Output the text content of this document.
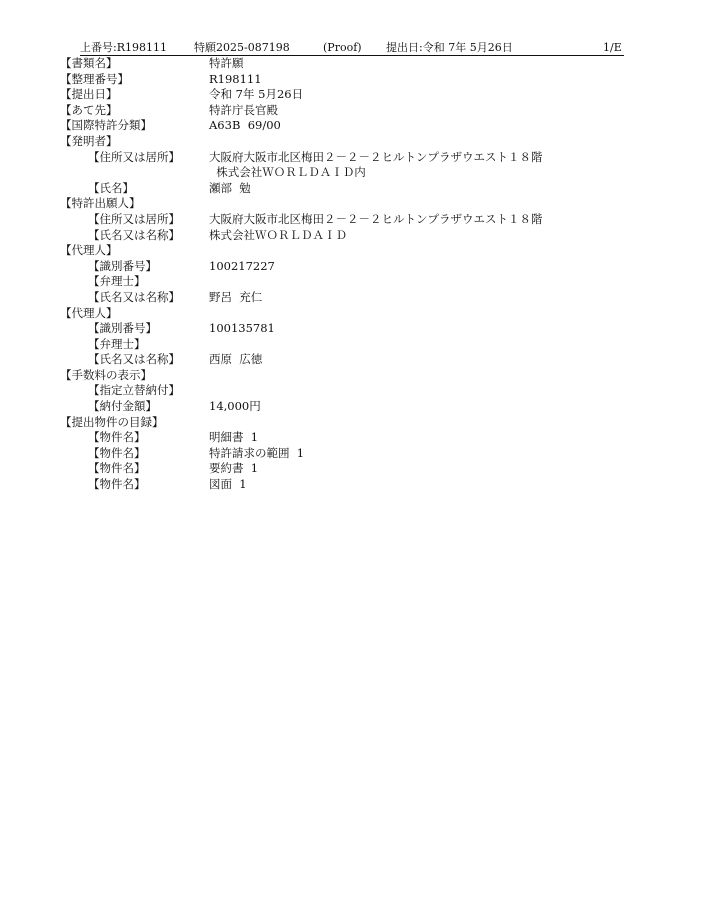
上番号:R198111 特願2025-087198	(Proof) 提出日:令和 7年 5月26日	1/E
【書類名】	特許願
【整理番号】	R198111
【提出日】	令和 7年 5月26日
【あて先】	特許庁長官殿
【国際特許分類】	A63B  69/00
【発明者】
【住所又は居所】	大阪府大阪市北区梅田２－２－２ヒルトンプラザウエスト１８階
株式会社ＷＯＲＬＤＡＩＤ内
【氏名】	瀬部  勉
【特許出願人】
【住所又は居所】	大阪府大阪市北区梅田２－２－２ヒルトンプラザウエスト１８階
【氏名又は名称】	株式会社ＷＯＲＬＤＡＩＤ
【代理人】
【識別番号】	100217227
【弁理士】
【氏名又は名称】	野呂  充仁
【代理人】
【識別番号】	100135781
【弁理士】
【氏名又は名称】	西原  広徳
【手数料の表示】
【指定立替納付】
【納付金額】	14,000円
【提出物件の目録】
【物件名】	明細書  1
【物件名】	特許請求の範囲  1
【物件名】	要約書  1
【物件名】	図面  1
